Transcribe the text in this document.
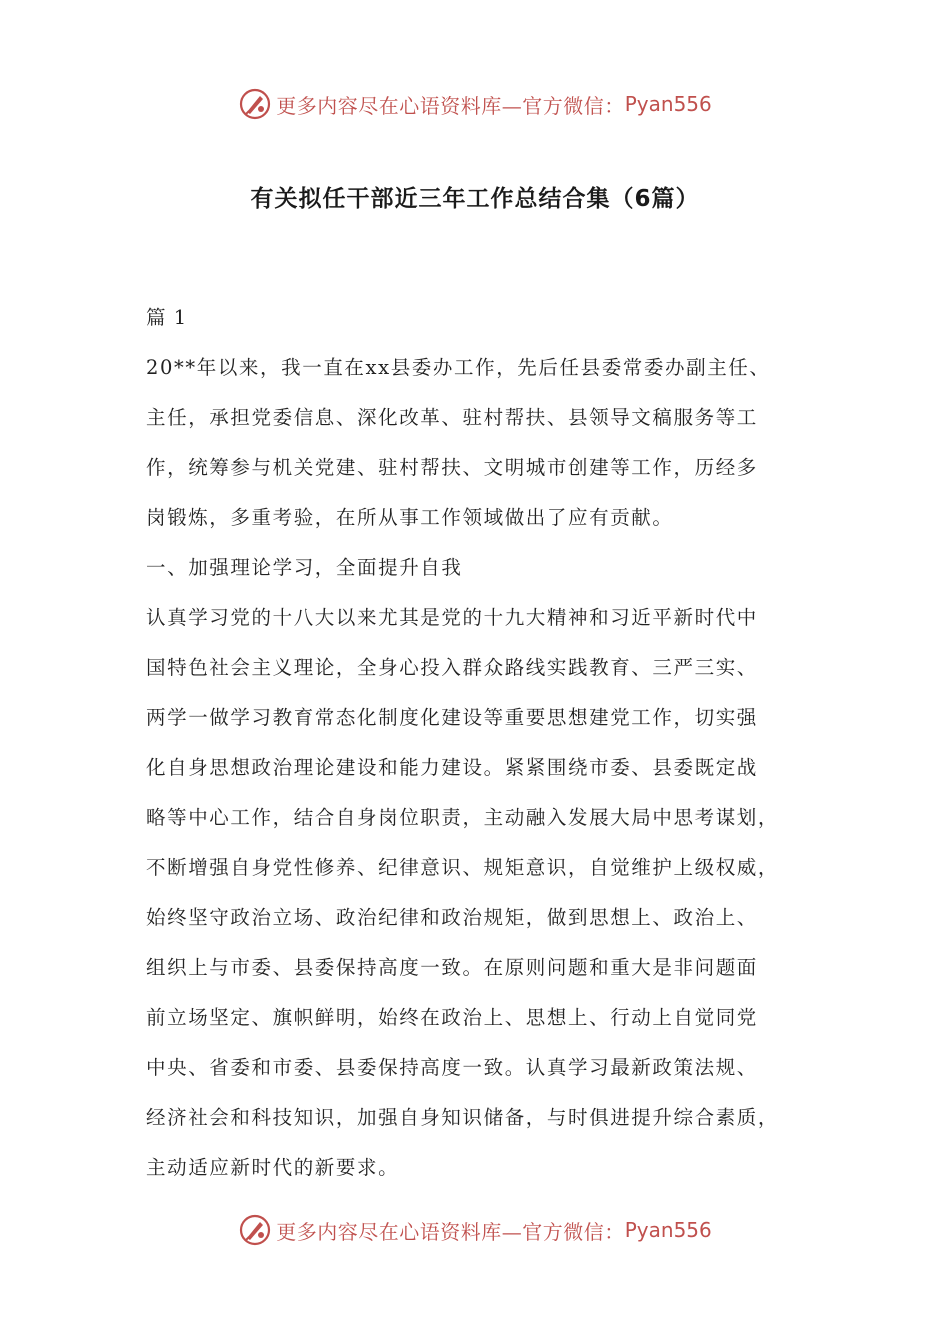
更多内容尽在心语资料库—官方微信： Pyan556
有关拟任干部近三年工作总结合集（6篇）
篇 1
20**年以来，我一直在xx县委办工作，先后任县委常委办副主任、
主任，承担党委信息、深化改革、驻村帮扶、县领导文稿服务等工
作，统筹参与机关党建、驻村帮扶、文明城市创建等工作，历经多
岗锻炼，多重考验，在所从事工作领域做出了应有贡献。
一、加强理论学习，全面提升自我
认真学习党的十八大以来尤其是党的十九大精神和习近平新时代中
国特色社会主义理论，全身心投入群众路线实践教育、三严三实、
两学一做学习教育常态化制度化建设等重要思想建党工作，切实强
化自身思想政治理论建设和能力建设。紧紧围绕市委、县委既定战
略等中心工作，结合自身岗位职责，主动融入发展大局中思考谋划，
不断增强自身党性修养、纪律意识、规矩意识，自觉维护上级权威，
始终坚守政治立场、政治纪律和政治规矩，做到思想上、政治上、
组织上与市委、县委保持高度一致。在原则问题和重大是非问题面
前立场坚定、旗帜鲜明，始终在政治上、思想上、行动上自觉同党
中央、省委和市委、县委保持高度一致。认真学习最新政策法规、
经济社会和科技知识，加强自身知识储备，与时俱进提升综合素质，
主动适应新时代的新要求。
更多内容尽在心语资料库—官方微信： Pyan556
